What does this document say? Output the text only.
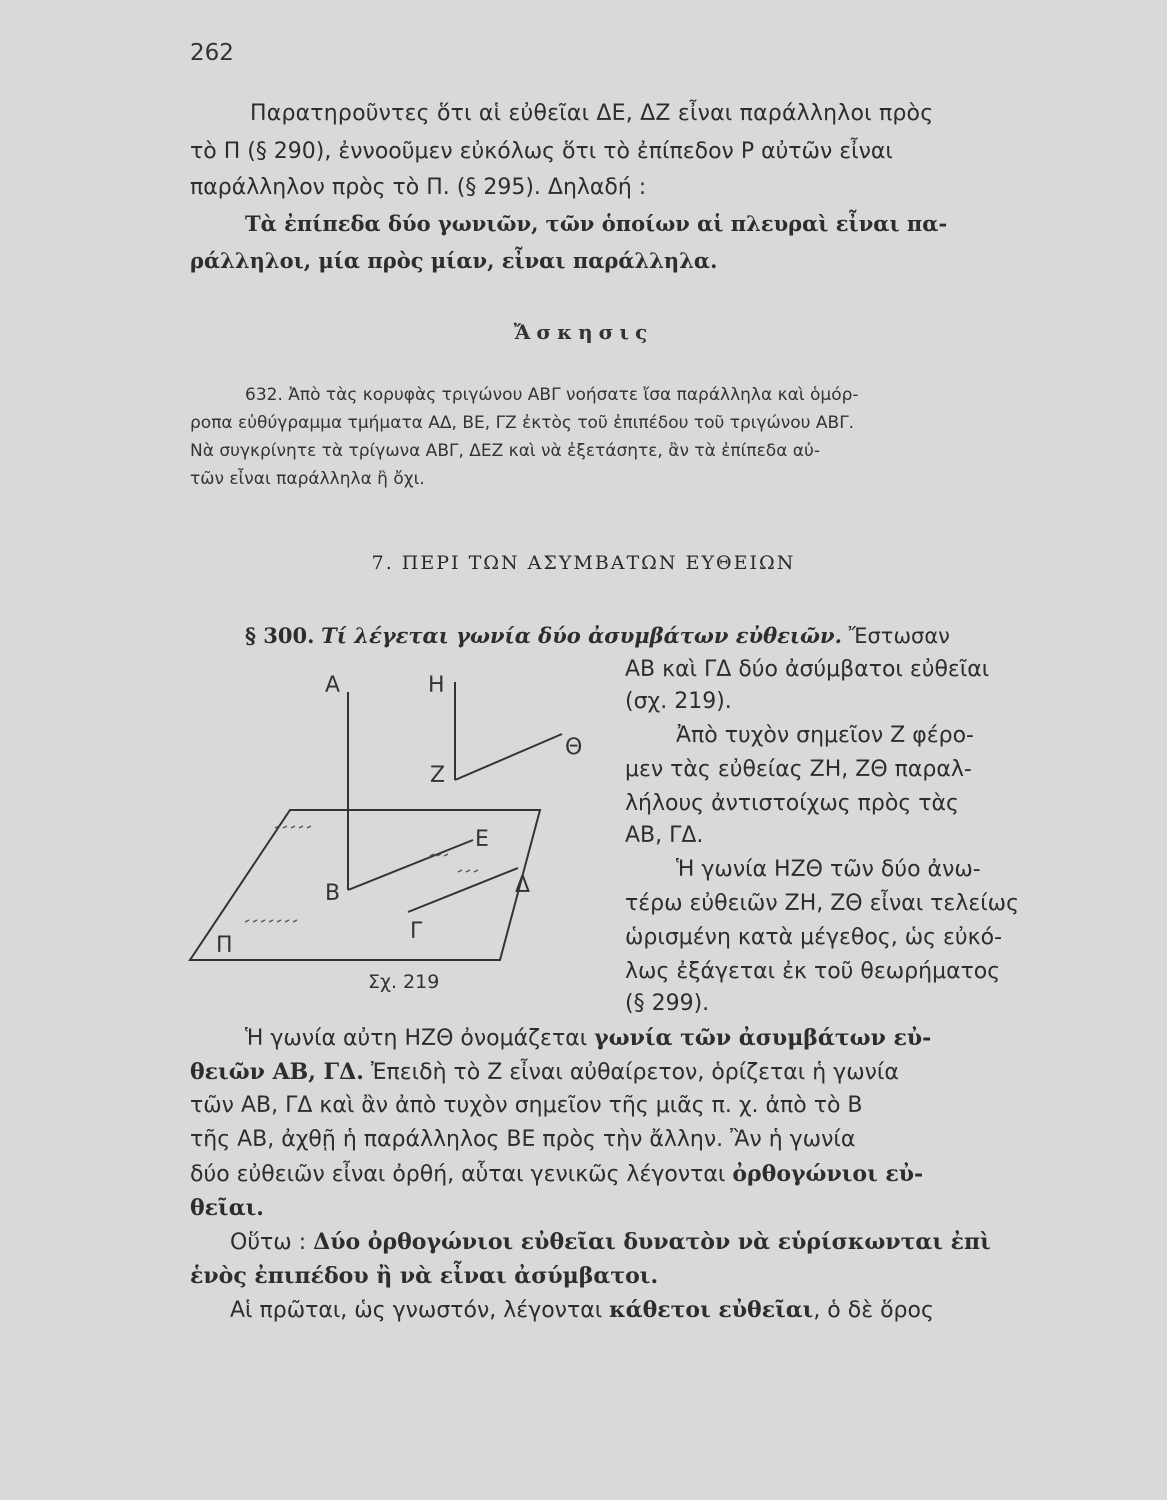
262
Παρατηροῦντες ὅτι αἱ εὐθεῖαι ΔΕ, ΔΖ εἶναι παράλληλοι πρὸς
τὸ Π (§ 290), ἐννοοῦμεν εὐκόλως ὅτι τὸ ἐπίπεδον Ρ αὐτῶν εἶναι
παράλληλον πρὸς τὸ Π. (§ 295). Δηλαδή :
Τὰ ἐπίπεδα δύο γωνιῶν, τῶν ὁποίων αἱ πλευραὶ εἶναι πα-
ράλληλοι, μία πρὸς μίαν, εἶναι παράλληλα.
Ἄσκησις
632. Ἀπὸ τὰς κορυφὰς τριγώνου ΑΒΓ νοήσατε ἴσα παράλληλα καὶ ὁμόρ-
ροπα εὐθύγραμμα τμήματα ΑΔ, ΒΕ, ΓΖ ἐκτὸς τοῦ ἐπιπέδου τοῦ τριγώνου ΑΒΓ.
Νὰ συγκρίνητε τὰ τρίγωνα ΑΒΓ, ΔΕΖ καὶ νὰ ἐξετάσητε, ἂν τὰ ἐπίπεδα αὐ-
τῶν εἶναι παράλληλα ἢ ὄχι.
7. ΠΕΡΙ ΤΩΝ ΑΣΥΜΒΑΤΩΝ ΕΥΘΕΙΩΝ
§ 300. Τί λέγεται γωνία δύο ἀσυμβάτων εὐθειῶν. Ἔστωσαν
ΑΒ καὶ ΓΔ δύο ἀσύμβατοι εὐθεῖαι
(σχ. 219).
Ἀπὸ τυχὸν σημεῖον Ζ φέρο-
μεν τὰς εὐθείας ΖΗ, ΖΘ παραλ-
λήλους ἀντιστοίχως πρὸς τὰς
ΑΒ, ΓΔ.
Ἡ γωνία ΗΖΘ τῶν δύο ἀνω-
τέρω εὐθειῶν ΖΗ, ΖΘ εἶναι τελείως
ὡρισμένη κατὰ μέγεθος, ὡς εὐκό-
λως ἐξάγεται ἐκ τοῦ θεωρήματος
(§ 299).
Α	Η
Ζ
Θ
Ε
Β	Δ
Γ
Π
Σχ. 219
Ἡ γωνία αὐτη ΗΖΘ ὀνομάζεται γωνία τῶν ἀσυμβάτων εὐ-
θειῶν ΑΒ, ΓΔ. Ἐπειδὴ τὸ Ζ εἶναι αὐθαίρετον, ὁρίζεται ἡ γωνία
τῶν ΑΒ, ΓΔ καὶ ἂν ἀπὸ τυχὸν σημεῖον τῆς μιᾶς π. χ. ἀπὸ τὸ Β
τῆς ΑΒ, ἀχθῇ ἡ παράλληλος ΒΕ πρὸς τὴν ἄλλην. Ἂν ἡ γωνία
δύο εὐθειῶν εἶναι ὀρθή, αὗται γενικῶς λέγονται ὀρθογώνιοι εὐ-
θεῖαι.
Οὕτω : Δύο ὀρθογώνιοι εὐθεῖαι δυνατὸν νὰ εὑρίσκωνται ἐπὶ
ἑνὸς ἐπιπέδου ἢ νὰ εἶναι ἀσύμβατοι.
Αἱ πρῶται, ὡς γνωστόν, λέγονται κάθετοι εὐθεῖαι, ὁ δὲ ὅρος
